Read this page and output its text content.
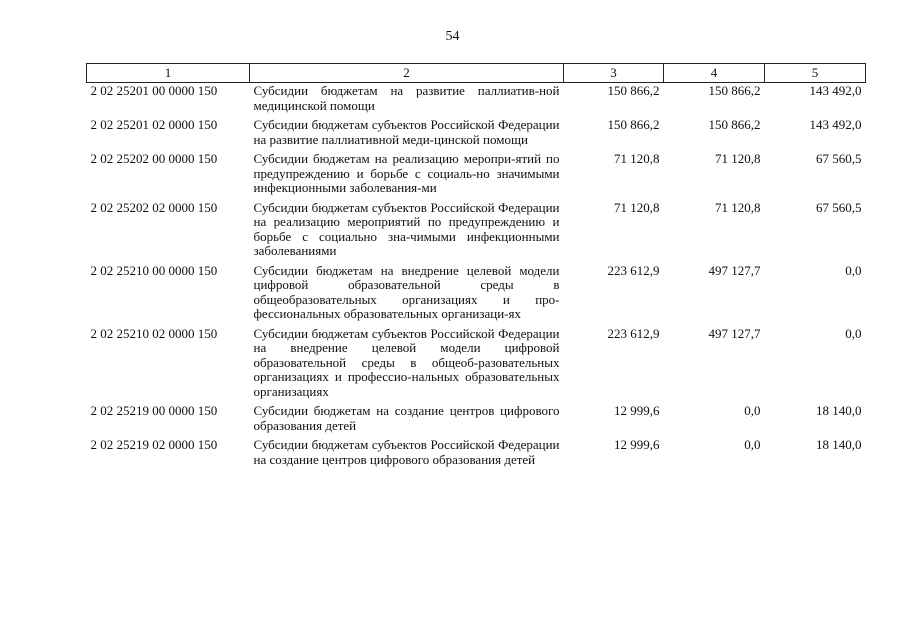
54
1	2	3	4	5
2 02 25201 00 0000 150	Субсидии бюджетам на развитие паллиатив-ной медицинской помощи	150 866,2	150 866,2	143 492,0
2 02 25201 02 0000 150	Субсидии бюджетам субъектов Российской Федерации на развитие паллиативной меди-цинской помощи	150 866,2	150 866,2	143 492,0
2 02 25202 00 0000 150	Субсидии бюджетам на реализацию меропри-ятий по предупреждению и борьбе с социаль-но значимыми инфекционными заболевания-ми	71 120,8	71 120,8	67 560,5
2 02 25202 02 0000 150	Субсидии бюджетам субъектов Российской Федерации на реализацию мероприятий по предупреждению и борьбе с социально зна-чимыми инфекционными заболеваниями	71 120,8	71 120,8	67 560,5
2 02 25210 00 0000 150	Субсидии бюджетам на внедрение целевой модели цифровой образовательной среды в общеобразовательных организациях и про-фессиональных образовательных организаци-ях	223 612,9	497 127,7	0,0
2 02 25210 02 0000 150	Субсидии бюджетам субъектов Российской Федерации на внедрение целевой модели цифровой образовательной среды в общеоб-разовательных организациях и профессио-нальных образовательных организациях	223 612,9	497 127,7	0,0
2 02 25219 00 0000 150	Субсидии бюджетам на создание центров цифрового образования детей	12 999,6	0,0	18 140,0
2 02 25219 02 0000 150	Субсидии бюджетам субъектов Российской Федерации на создание центров цифрового образования детей	12 999,6	0,0	18 140,0
